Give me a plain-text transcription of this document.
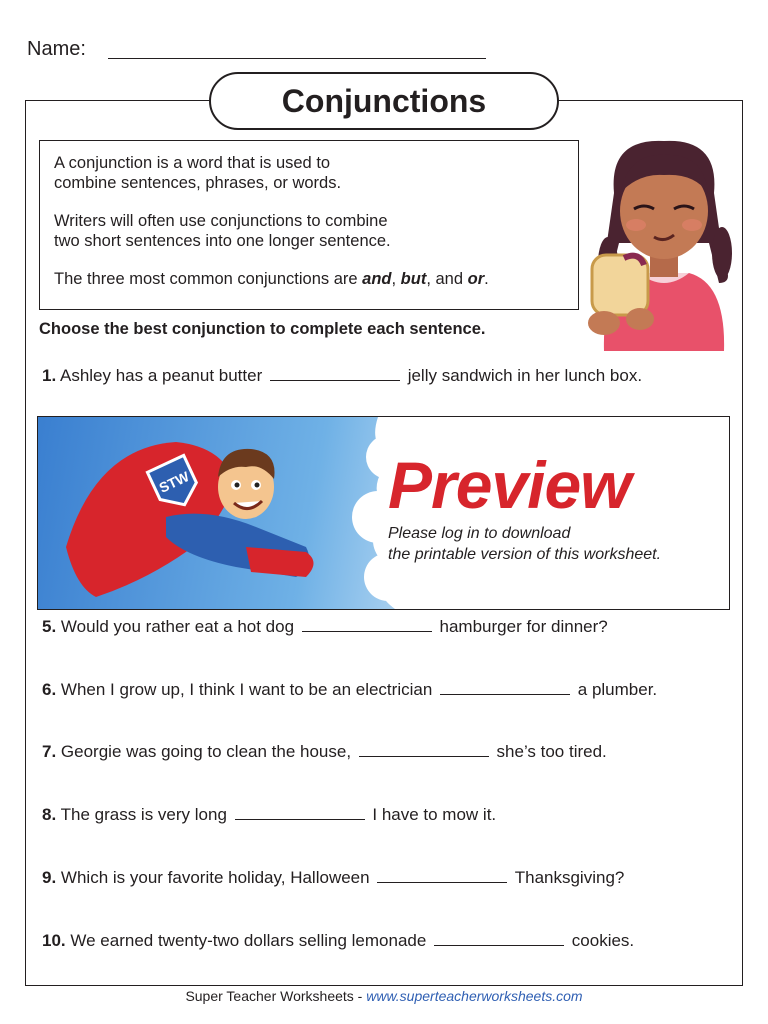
Name:
Conjunctions

A conjunction is a word that is used to
combine sentences, phrases, or words.

Writers will often use conjunctions to combine
two short sentences into one longer sentence.

The three most common conjunctions are and, but, and or.

Choose the best conjunction to complete each sentence.
1. Ashley has a peanut butter	jelly sandwich in her lunch box.
STW	Preview
Please log in to download
the printable version of this worksheet.
5. Would you rather eat a hot dog	hamburger for dinner?
6. When I grow up, I think I want to be an electrician	a plumber.
7. Georgie was going to clean the house,	she’s too tired.
8. The grass is very long	I have to mow it.
9. Which is your favorite holiday, Halloween	Thanksgiving?
10. We earned twenty-two dollars selling lemonade	cookies.
Super Teacher Worksheets - www.superteacherworksheets.com
